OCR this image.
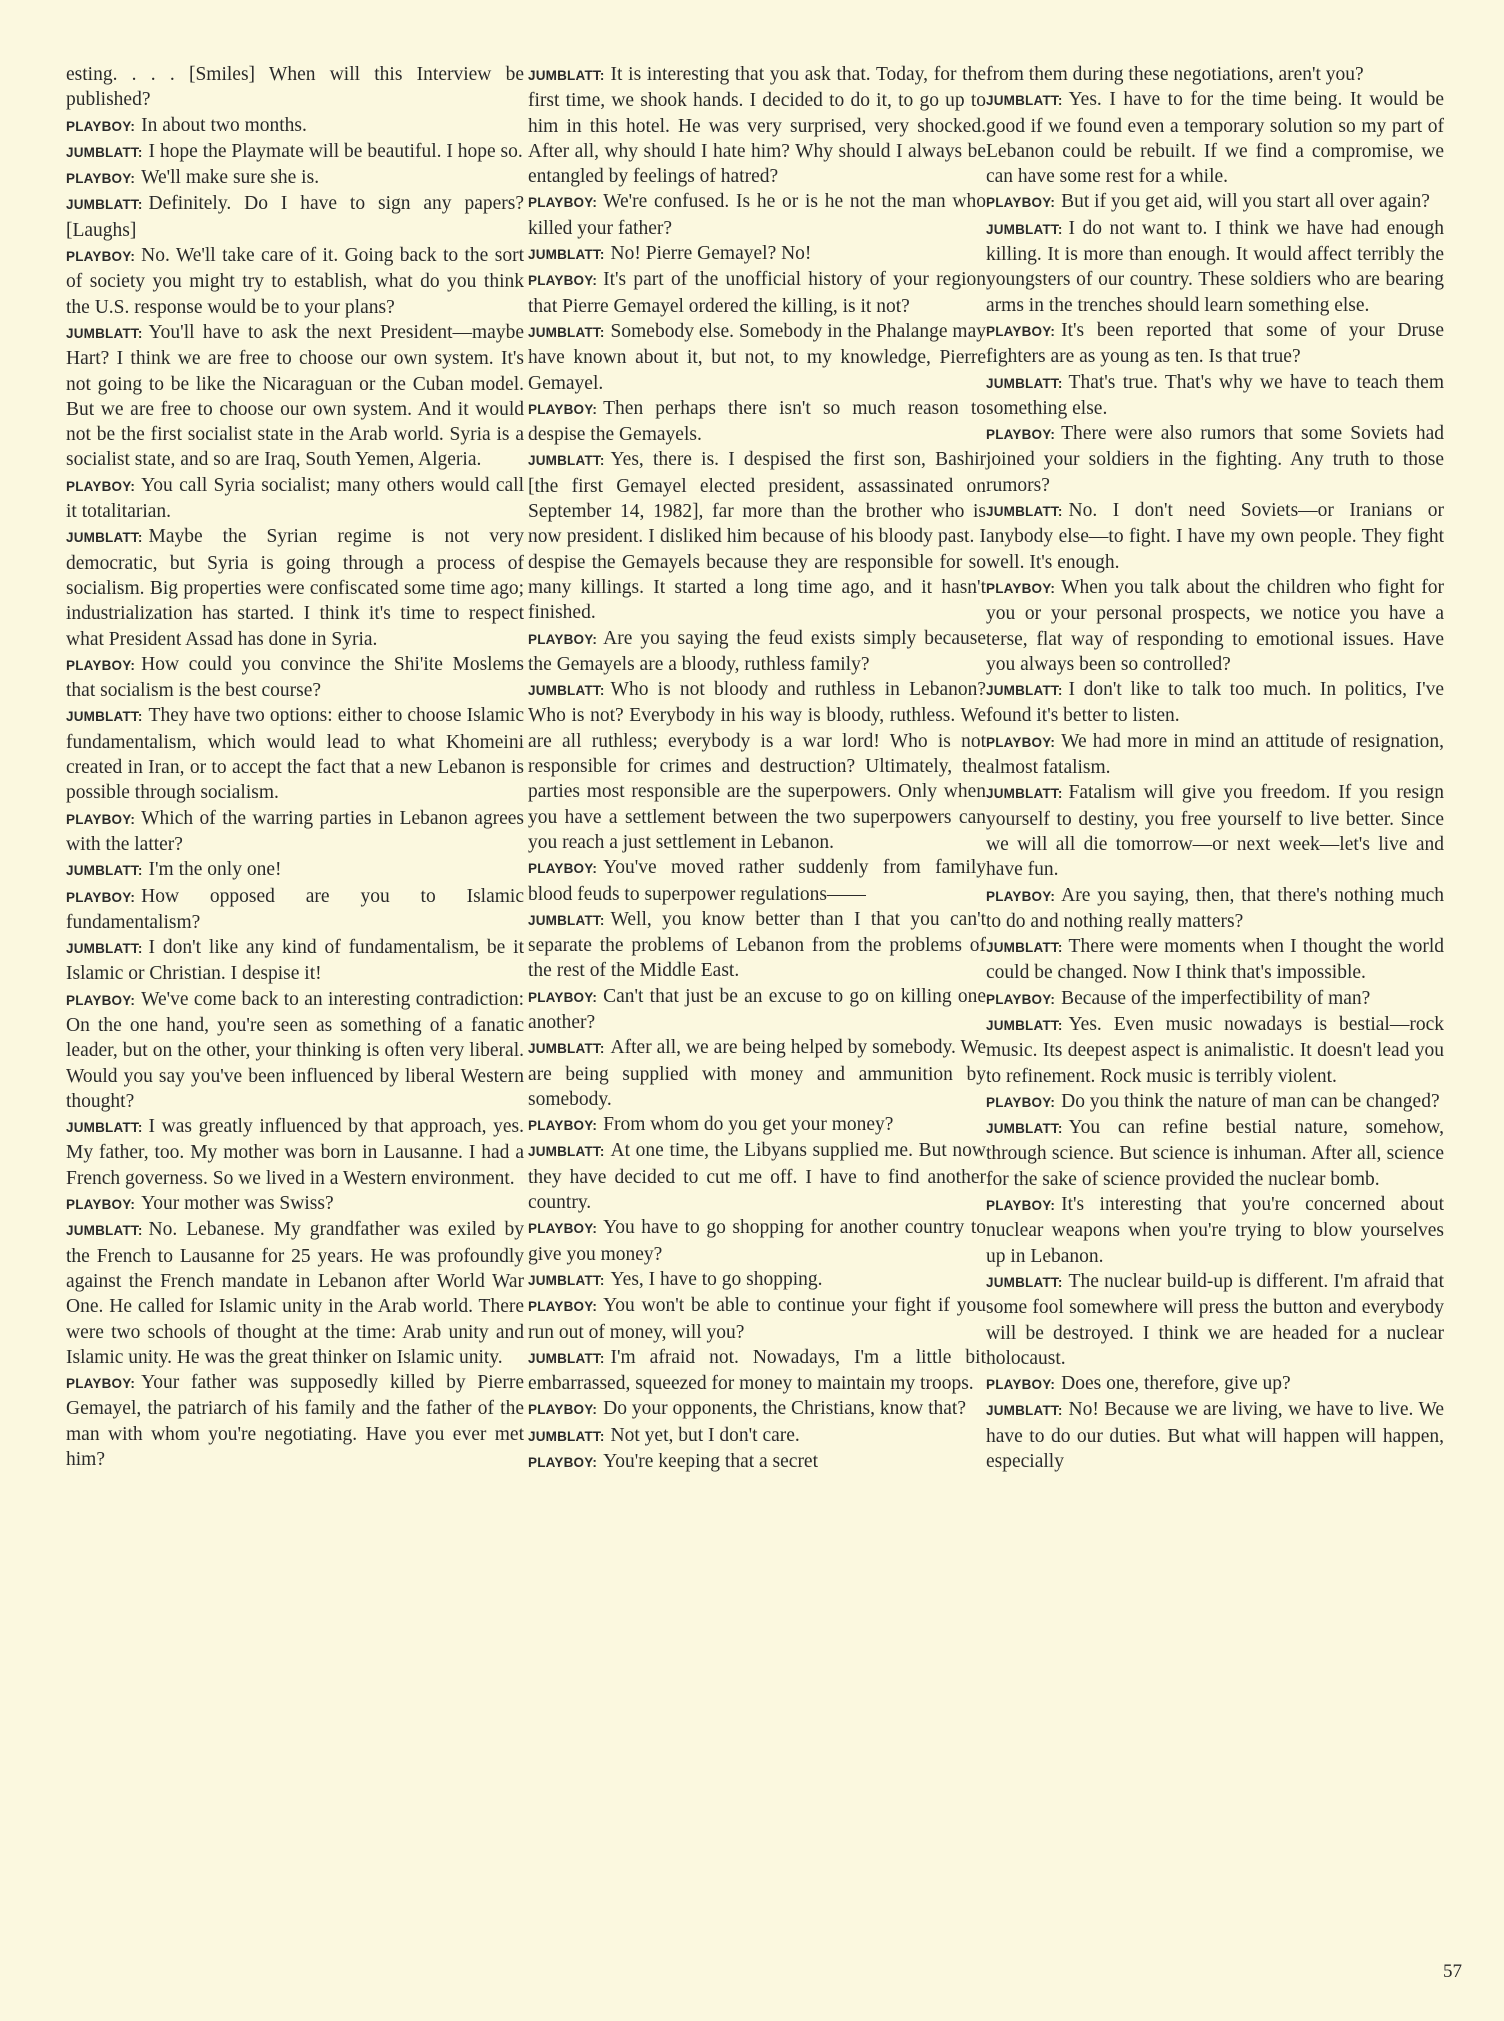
esting. . . . [Smiles] When will this Interview be published?

PLAYBOY: In about two months.

JUMBLATT: I hope the Playmate will be beautiful. I hope so.

PLAYBOY: We'll make sure she is.

JUMBLATT: Definitely. Do I have to sign any papers? [Laughs]

PLAYBOY: No. We'll take care of it. Going back to the sort of society you might try to establish, what do you think the U.S. response would be to your plans?

JUMBLATT: You'll have to ask the next President—maybe Hart? I think we are free to choose our own system. It's not going to be like the Nicaraguan or the Cuban model. But we are free to choose our own system. And it would not be the first socialist state in the Arab world. Syria is a socialist state, and so are Iraq, South Yemen, Algeria.

PLAYBOY: You call Syria socialist; many others would call it totalitarian.

JUMBLATT: Maybe the Syrian regime is not very democratic, but Syria is going through a process of socialism. Big properties were confiscated some time ago; industrialization has started. I think it's time to respect what President Assad has done in Syria.

PLAYBOY: How could you convince the Shi'ite Moslems that socialism is the best course?

JUMBLATT: They have two options: either to choose Islamic fundamentalism, which would lead to what Khomeini created in Iran, or to accept the fact that a new Lebanon is possible through socialism.

PLAYBOY: Which of the warring parties in Lebanon agrees with the latter?

JUMBLATT: I'm the only one!

PLAYBOY: How opposed are you to Islamic fundamentalism?

JUMBLATT: I don't like any kind of fundamentalism, be it Islamic or Christian. I despise it!

PLAYBOY: We've come back to an interesting contradiction: On the one hand, you're seen as something of a fanatic leader, but on the other, your thinking is often very liberal. Would you say you've been influenced by liberal Western thought?

JUMBLATT: I was greatly influenced by that approach, yes. My father, too. My mother was born in Lausanne. I had a French governess. So we lived in a Western environment.

PLAYBOY: Your mother was Swiss?

JUMBLATT: No. Lebanese. My grandfather was exiled by the French to Lausanne for 25 years. He was profoundly against the French mandate in Lebanon after World War One. He called for Islamic unity in the Arab world. There were two schools of thought at the time: Arab unity and Islamic unity. He was the great thinker on Islamic unity.

PLAYBOY: Your father was supposedly killed by Pierre Gemayel, the patriarch of his family and the father of the man with whom you're negotiating. Have you ever met him?

JUMBLATT: It is interesting that you ask that. Today, for the first time, we shook hands. I decided to do it, to go up to him in this hotel. He was very surprised, very shocked. After all, why should I hate him? Why should I always be entangled by feelings of hatred?

PLAYBOY: We're confused. Is he or is he not the man who killed your father?

JUMBLATT: No! Pierre Gemayel? No!

PLAYBOY: It's part of the unofficial history of your region that Pierre Gemayel ordered the killing, is it not?

JUMBLATT: Somebody else. Somebody in the Phalange may have known about it, but not, to my knowledge, Pierre Gemayel.

PLAYBOY: Then perhaps there isn't so much reason to despise the Gemayels.

JUMBLATT: Yes, there is. I despised the first son, Bashir [the first Gemayel elected president, assassinated on September 14, 1982], far more than the brother who is now president. I disliked him because of his bloody past. I despise the Gemayels because they are responsible for so many killings. It started a long time ago, and it hasn't finished.

PLAYBOY: Are you saying the feud exists simply because the Gemayels are a bloody, ruthless family?

JUMBLATT: Who is not bloody and ruthless in Lebanon? Who is not? Everybody in his way is bloody, ruthless. We are all ruthless; everybody is a war lord! Who is not responsible for crimes and destruction? Ultimately, the parties most responsible are the superpowers. Only when you have a settlement between the two superpowers can you reach a just settlement in Lebanon.

PLAYBOY: You've moved rather suddenly from family blood feuds to superpower regulations——

JUMBLATT: Well, you know better than I that you can't separate the problems of Lebanon from the problems of the rest of the Middle East.

PLAYBOY: Can't that just be an excuse to go on killing one another?

JUMBLATT: After all, we are being helped by somebody. We are being supplied with money and ammunition by somebody.

PLAYBOY: From whom do you get your money?

JUMBLATT: At one time, the Libyans supplied me. But now they have decided to cut me off. I have to find another country.

PLAYBOY: You have to go shopping for another country to give you money?

JUMBLATT: Yes, I have to go shopping.

PLAYBOY: You won't be able to continue your fight if you run out of money, will you?

JUMBLATT: I'm afraid not. Nowadays, I'm a little bit embarrassed, squeezed for money to maintain my troops.

PLAYBOY: Do your opponents, the Christians, know that?

JUMBLATT: Not yet, but I don't care.

PLAYBOY: You're keeping that a secret

from them during these negotiations, aren't you?

JUMBLATT: Yes. I have to for the time being. It would be good if we found even a temporary solution so my part of Lebanon could be rebuilt. If we find a compromise, we can have some rest for a while.

PLAYBOY: But if you get aid, will you start all over again?

JUMBLATT: I do not want to. I think we have had enough killing. It is more than enough. It would affect terribly the youngsters of our country. These soldiers who are bearing arms in the trenches should learn something else.

PLAYBOY: It's been reported that some of your Druse fighters are as young as ten. Is that true?

JUMBLATT: That's true. That's why we have to teach them something else.

PLAYBOY: There were also rumors that some Soviets had joined your soldiers in the fighting. Any truth to those rumors?

JUMBLATT: No. I don't need Soviets—or Iranians or anybody else—to fight. I have my own people. They fight well. It's enough.

PLAYBOY: When you talk about the children who fight for you or your personal prospects, we notice you have a terse, flat way of responding to emotional issues. Have you always been so controlled?

JUMBLATT: I don't like to talk too much. In politics, I've found it's better to listen.

PLAYBOY: We had more in mind an attitude of resignation, almost fatalism.

JUMBLATT: Fatalism will give you freedom. If you resign yourself to destiny, you free yourself to live better. Since we will all die tomorrow—or next week—let's live and have fun.

PLAYBOY: Are you saying, then, that there's nothing much to do and nothing really matters?

JUMBLATT: There were moments when I thought the world could be changed. Now I think that's impossible.

PLAYBOY: Because of the imperfectibility of man?

JUMBLATT: Yes. Even music nowadays is bestial—rock music. Its deepest aspect is animalistic. It doesn't lead you to refinement. Rock music is terribly violent.

PLAYBOY: Do you think the nature of man can be changed?

JUMBLATT: You can refine bestial nature, somehow, through science. But science is inhuman. After all, science for the sake of science provided the nuclear bomb.

PLAYBOY: It's interesting that you're concerned about nuclear weapons when you're trying to blow yourselves up in Lebanon.

JUMBLATT: The nuclear build-up is different. I'm afraid that some fool somewhere will press the button and everybody will be destroyed. I think we are headed for a nuclear holocaust.

PLAYBOY: Does one, therefore, give up?

JUMBLATT: No! Because we are living, we have to live. We have to do our duties. But what will happen will happen, especially

57
